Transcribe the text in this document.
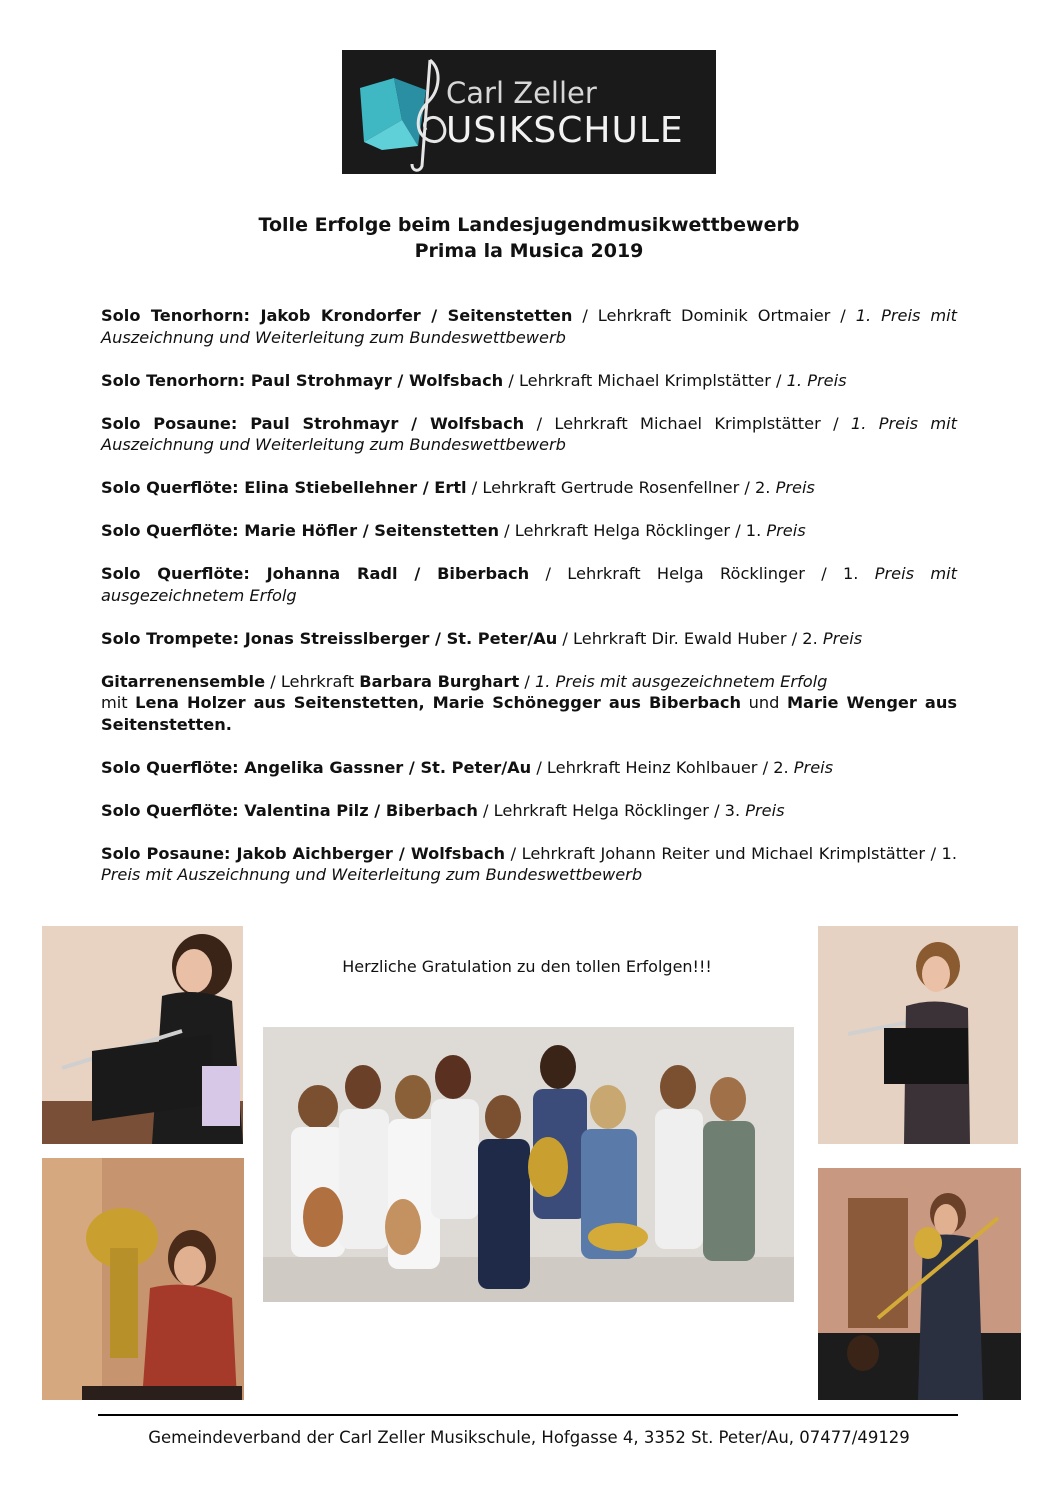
Carl Zeller
USIKSCHULE
Tolle Erfolge beim Landesjugendmusikwettbewerb
Prima la Musica 2019

Solo Tenorhorn: Jakob Krondorfer / Seitenstetten / Lehrkraft Dominik Ortmaier / 1. Preis mit Auszeichnung und Weiterleitung zum Bundeswettbewerb

Solo Tenorhorn: Paul Strohmayr / Wolfsbach / Lehrkraft Michael Krimplstätter / 1. Preis

Solo Posaune: Paul Strohmayr / Wolfsbach / Lehrkraft Michael Krimplstätter / 1. Preis mit Auszeichnung und Weiterleitung zum Bundeswettbewerb

Solo Querflöte: Elina Stiebellehner / Ertl / Lehrkraft Gertrude Rosenfellner / 2. Preis

Solo Querflöte: Marie Höfler / Seitenstetten / Lehrkraft Helga Röcklinger / 1. Preis

Solo Querflöte: Johanna Radl / Biberbach / Lehrkraft Helga Röcklinger / 1. Preis mit ausgezeichnetem Erfolg

Solo Trompete: Jonas Streisslberger / St. Peter/Au / Lehrkraft Dir. Ewald Huber / 2. Preis

Gitarrenensemble / Lehrkraft Barbara Burghart / 1. Preis mit ausgezeichnetem Erfolg
mit Lena Holzer aus Seitenstetten, Marie Schönegger aus Biberbach und Marie Wenger aus Seitenstetten.

Solo Querflöte: Angelika Gassner / St. Peter/Au / Lehrkraft Heinz Kohlbauer / 2. Preis

Solo Querflöte: Valentina Pilz / Biberbach / Lehrkraft Helga Röcklinger / 3. Preis

Solo Posaune: Jakob Aichberger / Wolfsbach / Lehrkraft Johann Reiter und Michael Krimplstätter / 1. Preis mit Auszeichnung und Weiterleitung zum Bundeswettbewerb

Herzliche Gratulation zu den tollen Erfolgen!!!
Gemeindeverband der Carl Zeller Musikschule, Hofgasse 4, 3352 St. Peter/Au, 07477/49129
